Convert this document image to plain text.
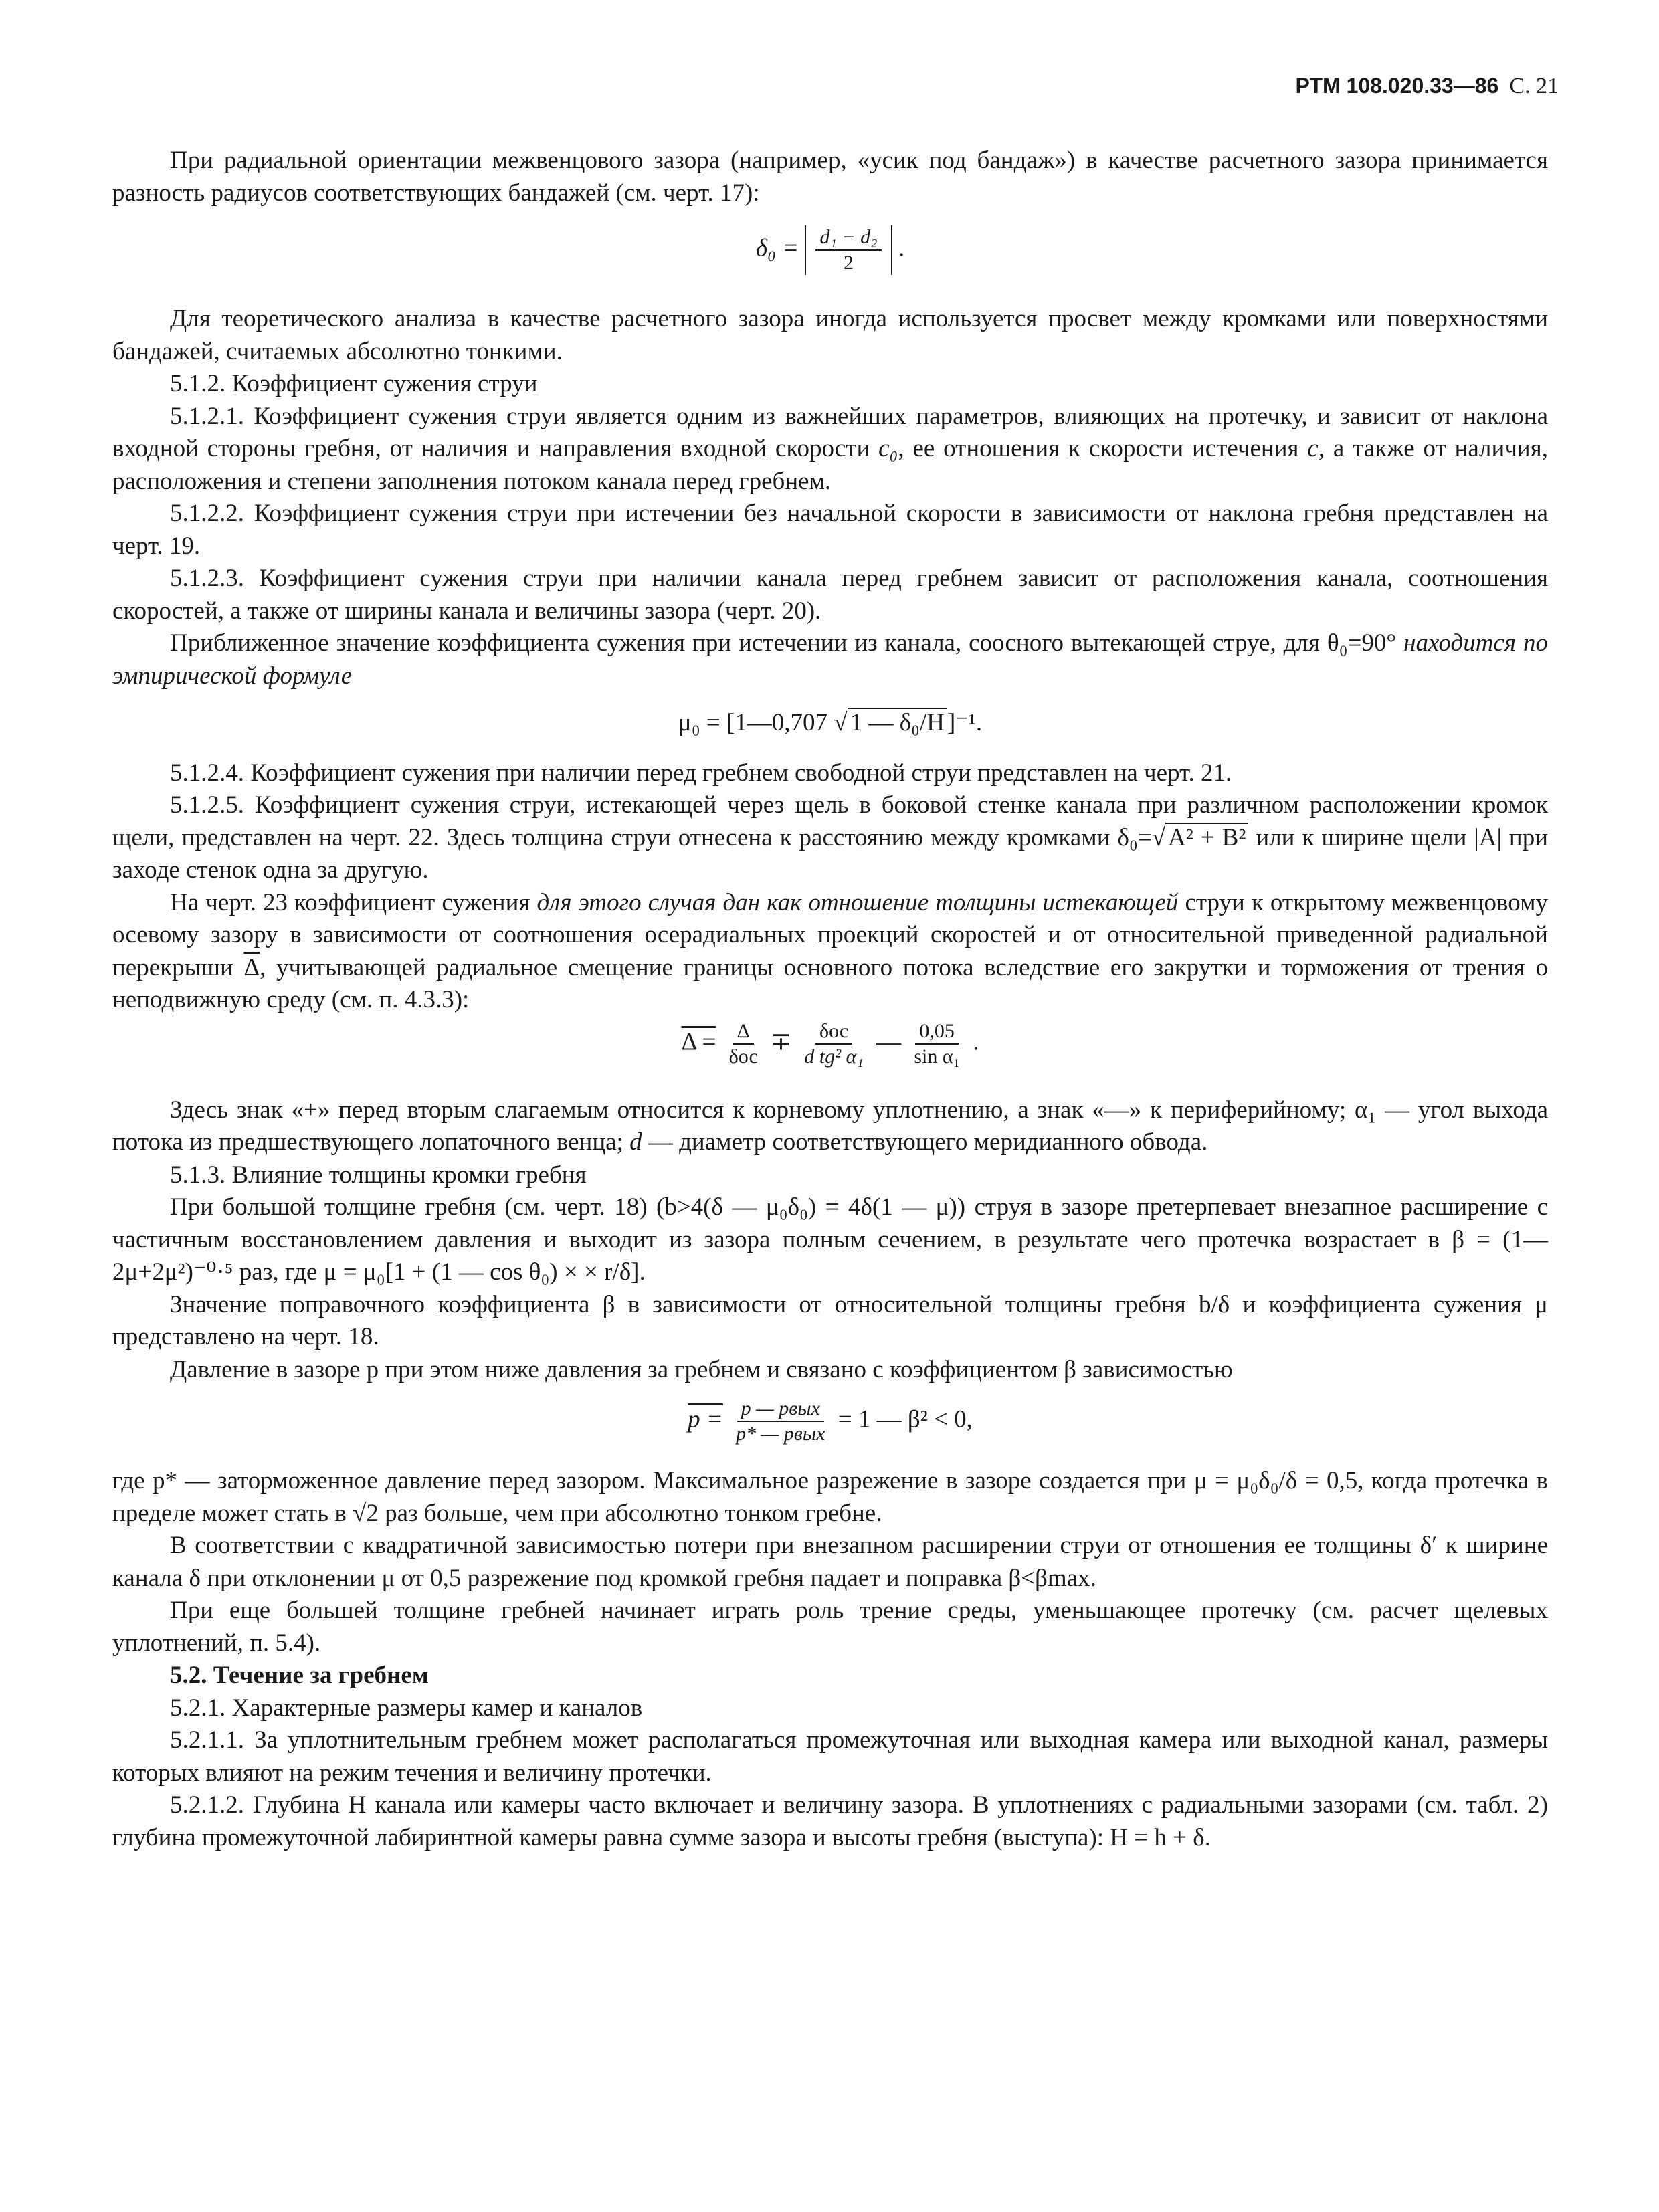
РТМ 108.020.33—86 С. 21

При радиальной ориентации межвенцового зазора (например, «усик под бандаж») в качестве расчетного зазора принимается разность радиусов соответствующих бандажей (см. черт. 17):

$\delta_0 = \frac{\text{d₁ − d₂}}{2}$ .

Для теоретического анализа в качестве расчетного зазора иногда используется просвет между кромками или поверхностями бандажей, считаемых абсолютно тонкими.

5.1.2. Коэффициент сужения струи

5.1.2.1. Коэффициент сужения струи является одним из важнейших параметров, влияющих на протечку, и зависит от наклона входной стороны гребня, от наличия и направления входной скорости c₀, ее отношения к скорости истечения c, а также от наличия, расположения и степени заполнения потоком канала перед гребнем.

5.1.2.2. Коэффициент сужения струи при истечении без начальной скорости в зависимости от наклона гребня представлен на черт. 19.

5.1.2.3. Коэффициент сужения струи при наличии канала перед гребнем зависит от расположения канала, соотношения скоростей, а также от ширины канала и величины зазора (черт. 20).

Приближенное значение коэффициента сужения при истечении из канала, соосного вытекающей струе, для θ₀=90° находится по эмпирической формуле

μ₀ = [1—0,707 √ 1 — δ₀/H ]⁻¹.

5.1.2.4. Коэффициент сужения при наличии перед гребнем свободной струи представлен на черт. 21.

5.1.2.5. Коэффициент сужения струи, истекающей через щель в боковой стенке канала при различном расположении кромок щели, представлен на черт. 22. Здесь толщина струи отнесена к расстоянию между кромками δ₀=√ A² + B² или к ширине щели |A| при заходе стенок одна за другую.

На черт. 23 коэффициент сужения для этого случая дан как отношение толщины истекающей струи к открытому межвенцовому осевому зазору в зависимости от соотношения осерадиальных проекций скоростей и от относительной приведенной радиальной перекрыши $\overline{\Delta}$, учитывающей радиальное смещение границы основного потока вследствие его закрутки и торможения от трения о неподвижную среду (см. п. 4.3.3):

$\Delta = \frac{\Delta}{\text{δос}} \mp \frac{\text{δос}}{\text{d tg² α₁}}$ — $\frac{0,05}{\text{sin α₁}}$ .

Здесь знак «+» перед вторым слагаемым относится к корневому уплотнению, а знак «—» к периферийному; α₁ — угол выхода потока из предшествующего лопаточного венца; d — диаметр соответствующего меридианного обвода.

5.1.3. Влияние толщины кромки гребня

При большой толщине гребня (см. черт. 18) (b>4(δ — μ₀δ₀) = 4δ(1 — μ)) струя в зазоре претерпевает внезапное расширение с частичным восстановлением давления и выходит из зазора полным сечением, в результате чего протечка возрастает в β = (1—2μ+2μ²)⁻⁰·⁵ раз, где μ = μ₀[1 + (1 — cos θ₀) × × r/δ].

Значение поправочного коэффициента β в зависимости от относительной толщины гребня b/δ и коэффициента сужения μ представлено на черт. 18.

Давление в зазоре p при этом ниже давления за гребнем и связано с коэффициентом β зависимостью

$p = \frac{\text{p — pвых}}{\text{p* — pвых}} = 1$ — β² < 0,

где p* — заторможенное давление перед зазором. Максимальное разрежение в зазоре создается при μ = μ₀δ₀/δ = 0,5, когда протечка в пределе может стать в √2 раз больше, чем при абсолютно тонком гребне.

В соответствии с квадратичной зависимостью потери при внезапном расширении струи от отношения ее толщины δ′ к ширине канала δ при отклонении μ от 0,5 разрежение под кромкой гребня падает и поправка β<βmax.

При еще большей толщине гребней начинает играть роль трение среды, уменьшающее протечку (см. расчет щелевых уплотнений, п. 5.4).

5.2. Течение за гребнем

5.2.1. Характерные размеры камер и каналов

5.2.1.1. За уплотнительным гребнем может располагаться промежуточная или выходная камера или выходной канал, размеры которых влияют на режим течения и величину протечки.

5.2.1.2. Глубина H канала или камеры часто включает и величину зазора. В уплотнениях с радиальными зазорами (см. табл. 2) глубина промежуточной лабиринтной камеры равна сумме зазора и высоты гребня (выступа): H = h + δ.
